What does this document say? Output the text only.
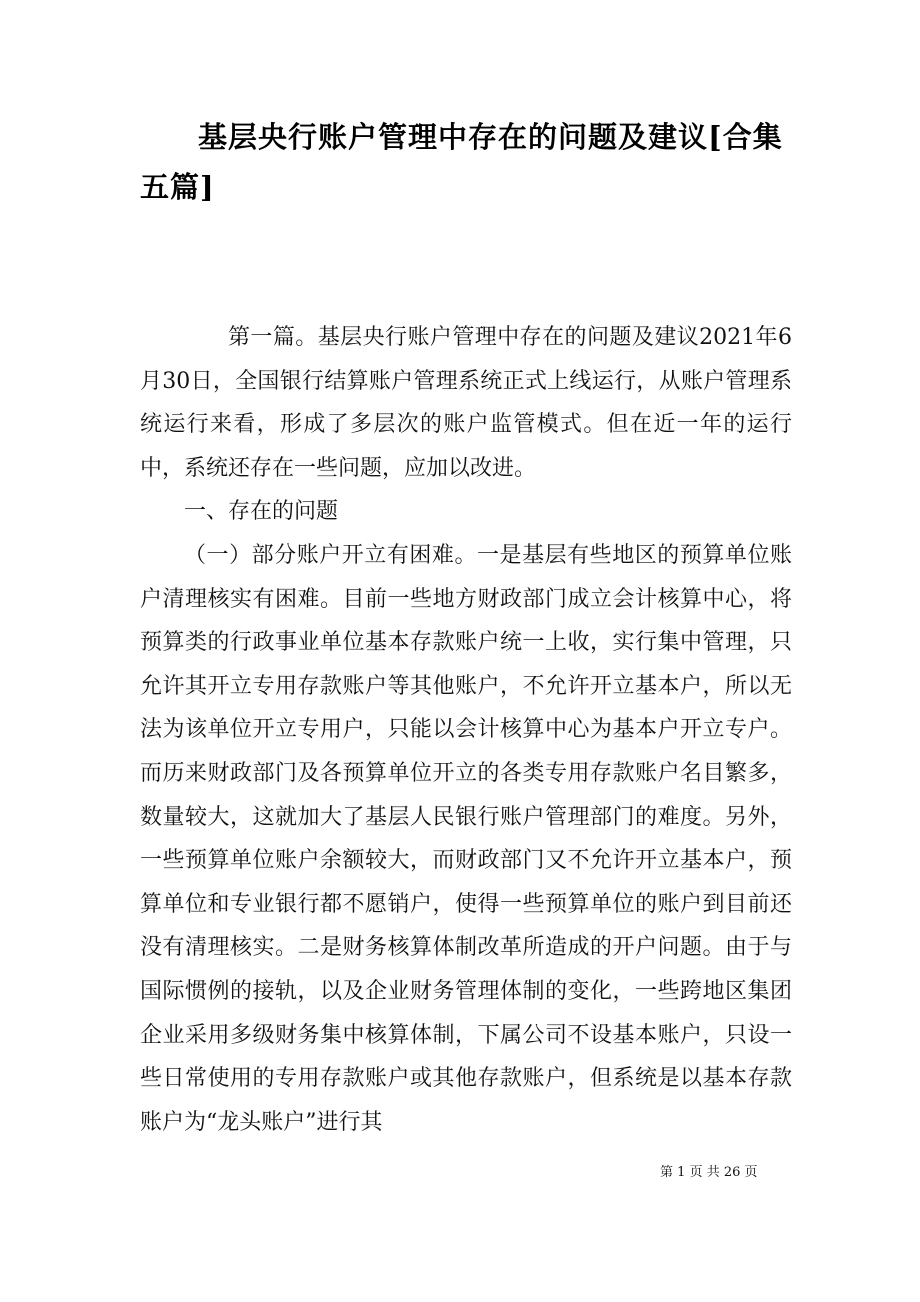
基层央行账户管理中存在的问题及建议[合集五篇]

第一篇。基层央行账户管理中存在的问题及建议2021年6月30日，全国银行结算账户管理系统正式上线运行，从账户管理系统运行来看，形成了多层次的账户监管模式。但在近一年的运行中，系统还存在一些问题，应加以改进。

一、存在的问题

（一）部分账户开立有困难。一是基层有些地区的预算单位账户清理核实有困难。目前一些地方财政部门成立会计核算中心，将预算类的行政事业单位基本存款账户统一上收，实行集中管理，只允许其开立专用存款账户等其他账户，不允许开立基本户，所以无法为该单位开立专用户，只能以会计核算中心为基本户开立专户。而历来财政部门及各预算单位开立的各类专用存款账户名目繁多，数量较大，这就加大了基层人民银行账户管理部门的难度。另外，一些预算单位账户余额较大，而财政部门又不允许开立基本户，预算单位和专业银行都不愿销户，使得一些预算单位的账户到目前还没有清理核实。二是财务核算体制改革所造成的开户问题。由于与国际惯例的接轨，以及企业财务管理体制的变化，一些跨地区集团企业采用多级财务集中核算体制，下属公司不设基本账户，只设一些日常使用的专用存款账户或其他存款账户，但系统是以基本存款账户为“龙头账户”进行其

第 1 页 共 26 页
